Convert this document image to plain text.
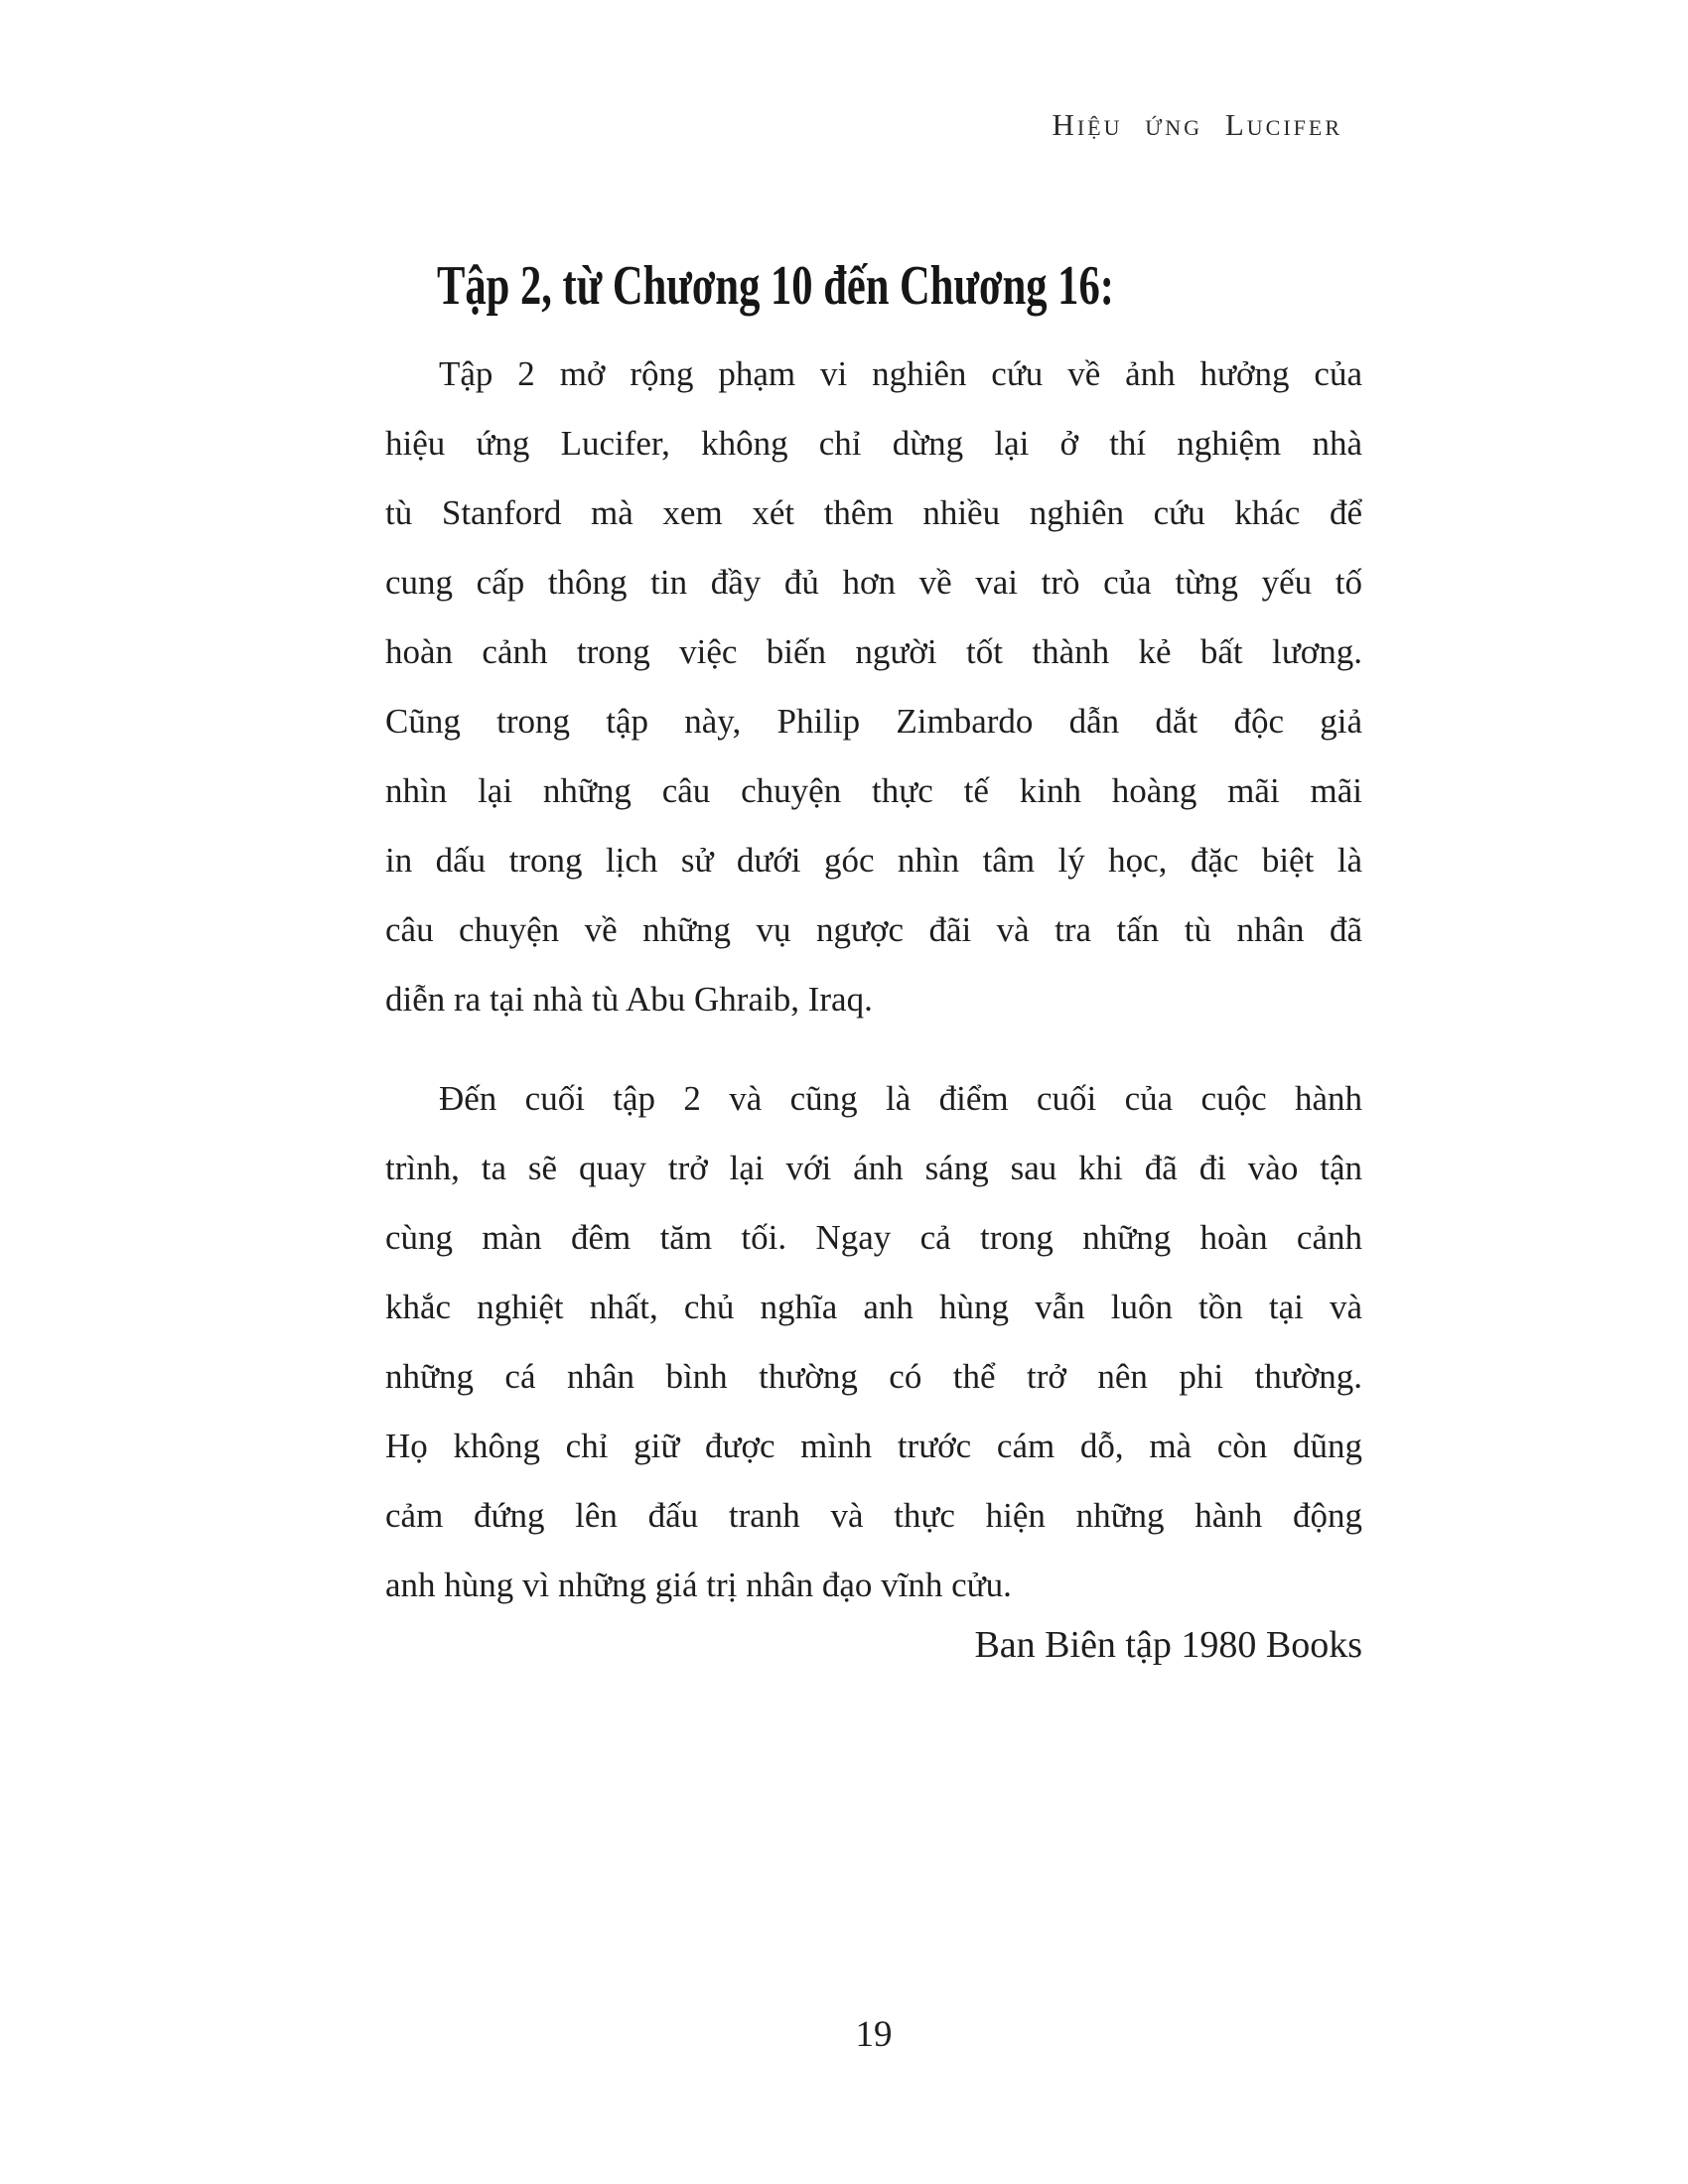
Hiệu ứng Lucifer
Tập 2, từ Chương 10 đến Chương 16:
Tập 2 mở rộng phạm vi nghiên cứu về ảnh hưởng của
hiệu ứng Lucifer, không chỉ dừng lại ở thí nghiệm nhà
tù Stanford mà xem xét thêm nhiều nghiên cứu khác để
cung cấp thông tin đầy đủ hơn về vai trò của từng yếu tố
hoàn cảnh trong việc biến người tốt thành kẻ bất lương.
Cũng trong tập này, Philip Zimbardo dẫn dắt độc giả
nhìn lại những câu chuyện thực tế kinh hoàng mãi mãi
in dấu trong lịch sử dưới góc nhìn tâm lý học, đặc biệt là
câu chuyện về những vụ ngược đãi và tra tấn tù nhân đã
diễn ra tại nhà tù Abu Ghraib, Iraq.
Đến cuối tập 2 và cũng là điểm cuối của cuộc hành
trình, ta sẽ quay trở lại với ánh sáng sau khi đã đi vào tận
cùng màn đêm tăm tối. Ngay cả trong những hoàn cảnh
khắc nghiệt nhất, chủ nghĩa anh hùng vẫn luôn tồn tại và
những cá nhân bình thường có thể trở nên phi thường.
Họ không chỉ giữ được mình trước cám dỗ, mà còn dũng
cảm đứng lên đấu tranh và thực hiện những hành động
anh hùng vì những giá trị nhân đạo vĩnh cửu.
Ban Biên tập 1980 Books
19
